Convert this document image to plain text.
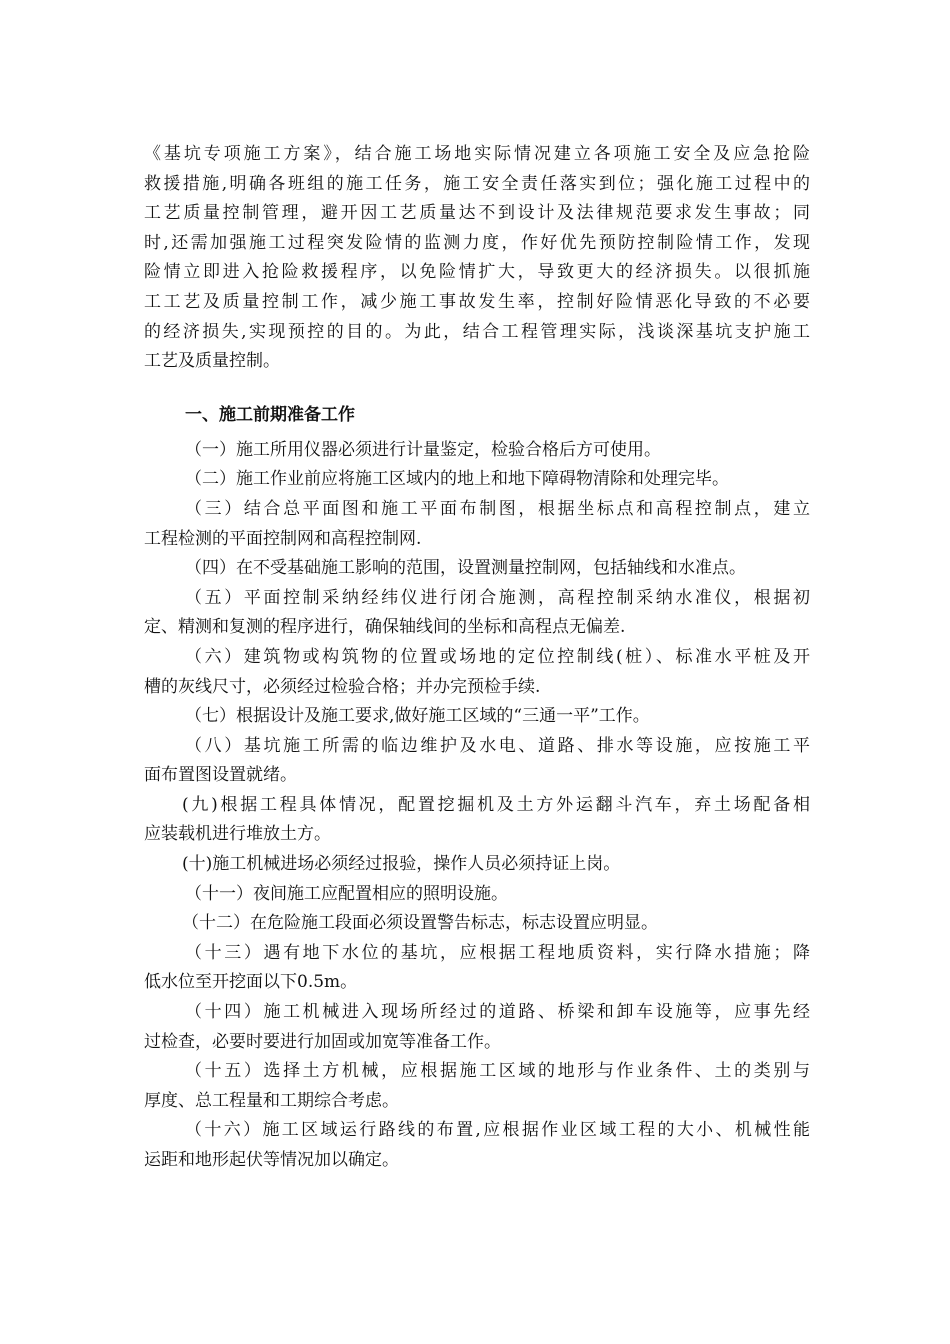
《基坑专项施工方案》，结合施工场地实际情况建立各项施工安全及应急抢险
救援措施,明确各班组的施工任务，施工安全责任落实到位；强化施工过程中的
工艺质量控制管理，避开因工艺质量达不到设计及法律规范要求发生事故；同
时,还需加强施工过程突发险情的监测力度，作好优先预防控制险情工作，发现
险情立即进入抢险救援程序，以免险情扩大，导致更大的经济损失。以很抓施
工工艺及质量控制工作，减少施工事故发生率，控制好险情恶化导致的不必要
的经济损失,实现预控的目的。为此，结合工程管理实际，浅谈深基坑支护施工
工艺及质量控制。
一、施工前期准备工作
（一）施工所用仪器必须进行计量鉴定，检验合格后方可使用。
（二）施工作业前应将施工区域内的地上和地下障碍物清除和处理完毕。
（三）结合总平面图和施工平面布制图，根据坐标点和高程控制点，建立
工程检测的平面控制网和高程控制网.
（四）在不受基础施工影响的范围，设置测量控制网，包括轴线和水准点。
（五）平面控制采纳经纬仪进行闭合施测，高程控制采纳水准仪，根据初
定、精测和复测的程序进行，确保轴线间的坐标和高程点无偏差.
（六）建筑物或构筑物的位置或场地的定位控制线(桩）、标准水平桩及开
槽的灰线尺寸，必须经过检验合格；并办完预检手续.
（七）根据设计及施工要求,做好施工区域的“三通一平”工作。
（八）基坑施工所需的临边维护及水电、道路、排水等设施，应按施工平
面布置图设置就绪。
(九)根据工程具体情况，配置挖掘机及土方外运翻斗汽车，弃土场配备相
应装载机进行堆放土方。
(十)施工机械进场必须经过报验，操作人员必须持证上岗。
（十一）夜间施工应配置相应的照明设施。
（十二）在危险施工段面必须设置警告标志，标志设置应明显。
（十三）遇有地下水位的基坑，应根据工程地质资料，实行降水措施；降
低水位至开挖面以下0.5m。
（十四）施工机械进入现场所经过的道路、桥梁和卸车设施等，应事先经
过检查，必要时要进行加固或加宽等准备工作。
（十五）选择土方机械，应根据施工区域的地形与作业条件、土的类别与
厚度、总工程量和工期综合考虑。
（十六）施工区域运行路线的布置,应根据作业区域工程的大小、机械性能
运距和地形起伏等情况加以确定。
